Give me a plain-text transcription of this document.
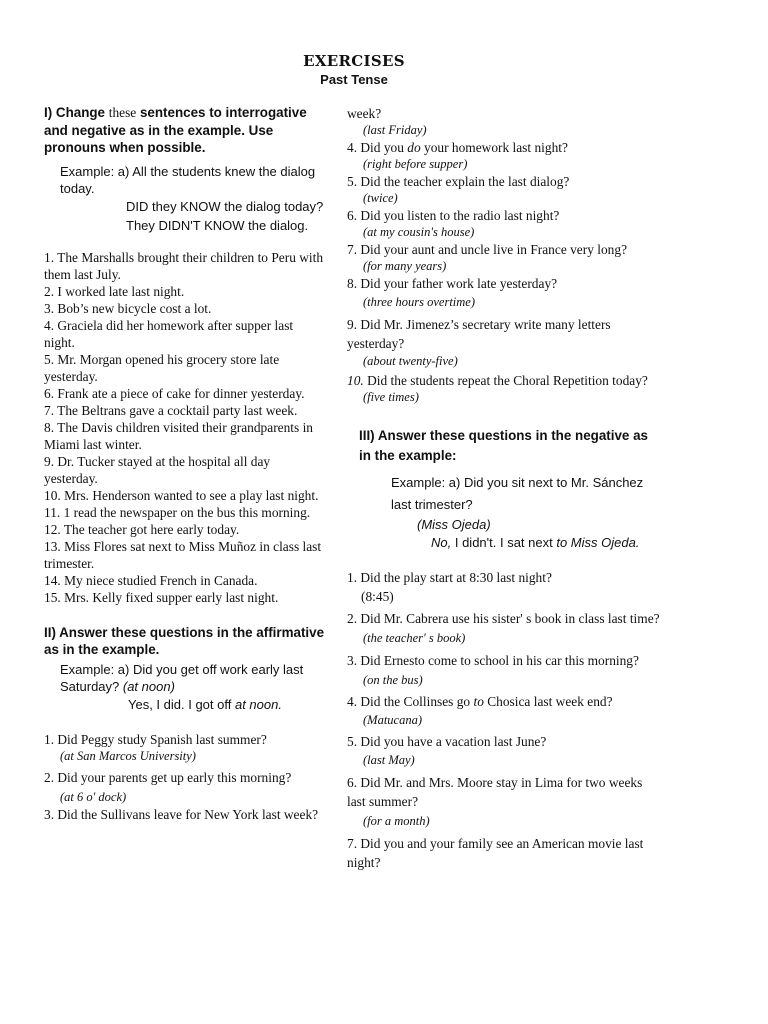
EXERCISES
Past Tense
I) Change these sentences to interrogative and negative as in the example. Use pronouns when possible.
Example: a) All the students knew the dialog today.
DID they KNOW the dialog today?
They DIDN'T KNOW the dialog.
1. The Marshalls brought their children to Peru with them last July.
2. I worked late last night.
3. Bob’s new bicycle cost a lot.
4. Graciela did her homework after supper last night.
5. Mr. Morgan opened his grocery store late yesterday.
6. Frank ate a piece of cake for dinner yesterday.
7. The Beltrans gave a cocktail party last week.
8. The Davis children visited their grandparents in Miami last winter.
9. Dr. Tucker stayed at the hospital all day yesterday.
10. Mrs. Henderson wanted to see a play last night.
11. 1 read the newspaper on the bus this morning.
12. The teacher got here early today.
13. Miss Flores sat next to Miss Muñoz in class last trimester.
14. My niece studied French in Canada.
15. Mrs. Kelly fixed supper early last night.
II) Answer these questions in the affirmative as in the example.
Example: a) Did you get off work early last Saturday? (at noon)
Yes, I did. I got off at noon.
1. Did Peggy study Spanish last summer?
(at San Marcos University)
2. Did your parents get up early this morning?
(at 6 o' dock)
3. Did the Sullivans leave for New York last week?
week?
(last Friday)
4. Did you do your homework last night?
(right before supper)
5. Did the teacher explain the last dialog?
(twice)
6. Did you listen to the radio last night?
(at my cousin's house)
7. Did your aunt and uncle live in France very long?
(for many years)
8. Did your father work late yesterday?
(three hours overtime)
9. Did Mr. Jimenez’s secretary write many letters yesterday?
(about twenty-five)
10. Did the students repeat the Choral Repetition today?
(five times)
III) Answer these questions in the negative as in the example:
Example: a) Did you sit next to Mr. Sánchez last trimester?
(Miss Ojeda)
No, I didn't. I sat next to Miss Ojeda.
1. Did the play start at 8:30 last night?
(8:45)
2. Did Mr. Cabrera use his sister' s book in class last time?
(the teacher' s book)
3. Did Ernesto come to school in his car this morning?
(on the bus)
4. Did the Collinses go to Chosica last week end?
(Matucana)
5. Did you have a vacation last June?
(last May)
6. Did Mr. and Mrs. Moore stay in Lima for two weeks last summer?
(for a month)
7. Did you and your family see an American movie last night?
